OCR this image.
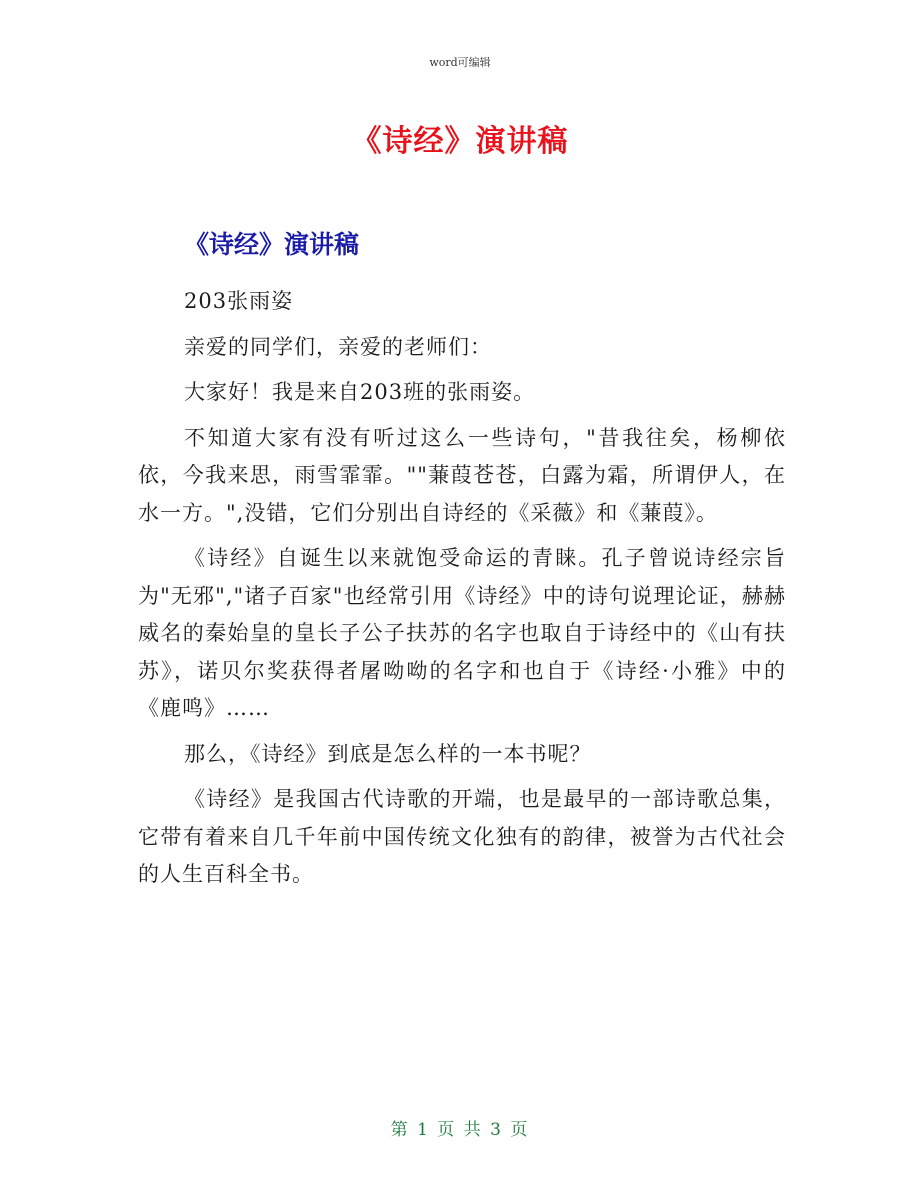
word可编辑
《诗经》演讲稿
《诗经》演讲稿

203张雨姿

亲爱的同学们，亲爱的老师们：

大家好！我是来自203班的张雨姿。

不知道大家有没有听过这么一些诗句，"昔我往矣，杨柳依依，今我来思，雨雪霏霏。""蒹葭苍苍，白露为霜，所谓伊人，在水一方。",没错，它们分别出自诗经的《采薇》和《蒹葭》。

《诗经》自诞生以来就饱受命运的青睐。孔子曾说诗经宗旨为"无邪","诸子百家"也经常引用《诗经》中的诗句说理论证，赫赫威名的秦始皇的皇长子公子扶苏的名字也取自于诗经中的《山有扶苏》，诺贝尔奖获得者屠呦呦的名字和也自于《诗经·小雅》中的《鹿鸣》……

那么，《诗经》到底是怎么样的一本书呢？

《诗经》是我国古代诗歌的开端，也是最早的一部诗歌总集，它带有着来自几千年前中国传统文化独有的韵律，被誉为古代社会的人生百科全书。

第 1 页 共 3 页
